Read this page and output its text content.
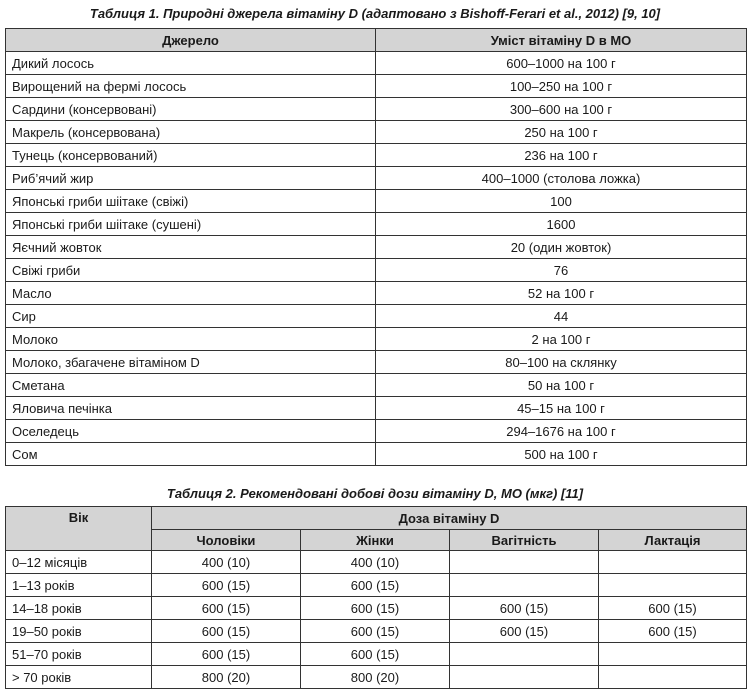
Таблиця 1. Природні джерела вітаміну D (адаптовано з Bishoff-Ferari et al., 2012) [9, 10]

Джерело	Уміст вітаміну D в МО
Дикий лосось	600–1000 на 100 г
Вирощений на фермі лосось	100–250 на 100 г
Сардини (консервовані)	300–600 на 100 г
Макрель (консервована)	250 на 100 г
Тунець (консервований)	236 на 100 г
Риб’ячий жир	400–1000 (столова ложка)
Японські гриби шіітаке (свіжі)	100
Японські гриби шіітаке (сушені)	1600
Яєчний жовток	20 (один жовток)
Свіжі гриби	76
Масло	52 на 100 г
Сир	44
Молоко	2 на 100 г
Молоко, збагачене вітаміном D	80–100 на склянку
Сметана	50 на 100 г
Яловича печінка	45–15 на 100 г
Оселедець	294–1676 на 100 г
Сом	500 на 100 г

Таблиця 2. Рекомендовані добові дози вітаміну D, МО (мкг) [11]

Вік	Доза вітаміну D			
	Чоловіки	Жінки	Вагітність	Лактація
0–12 місяців	400 (10)	400 (10)		
1–13 років	600 (15)	600 (15)		
14–18 років	600 (15)	600 (15)	600 (15)	600 (15)
19–50 років	600 (15)	600 (15)	600 (15)	600 (15)
51–70 років	600 (15)	600 (15)		
> 70 років	800 (20)	800 (20)		
